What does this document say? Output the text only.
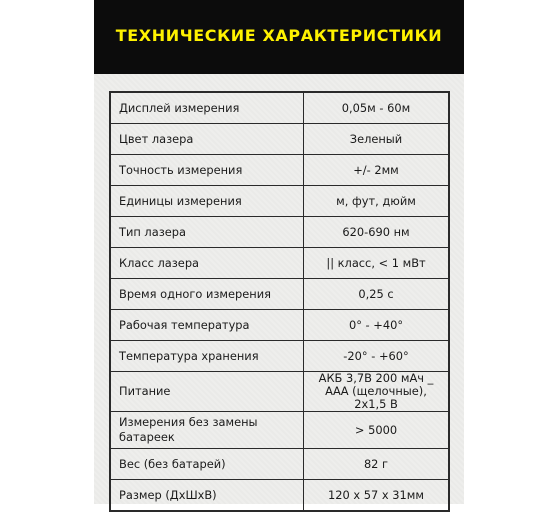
ТЕХНИЧЕСКИЕ ХАРАКТЕРИСТИКИ
Дисплей измерения	0,05м - 60м
Цвет лазера	Зеленый
Точность измерения	+/- 2мм
Единицы измерения	м, фут, дюйм
Тип лазера	620-690 нм
Класс лазера	|| класс, < 1 мВт
Время одного измерения	0,25 с
Рабочая температура	0° - +40°
Температура хранения	-20° - +60°
Питание	АКБ 3,7В 200 мАч _ ААА (щелочные), 2х1,5 В
Измерения без замены батареек	> 5000
Вес (без батарей)	82 г
Размер (ДхШхВ)	120 х 57 х 31мм
